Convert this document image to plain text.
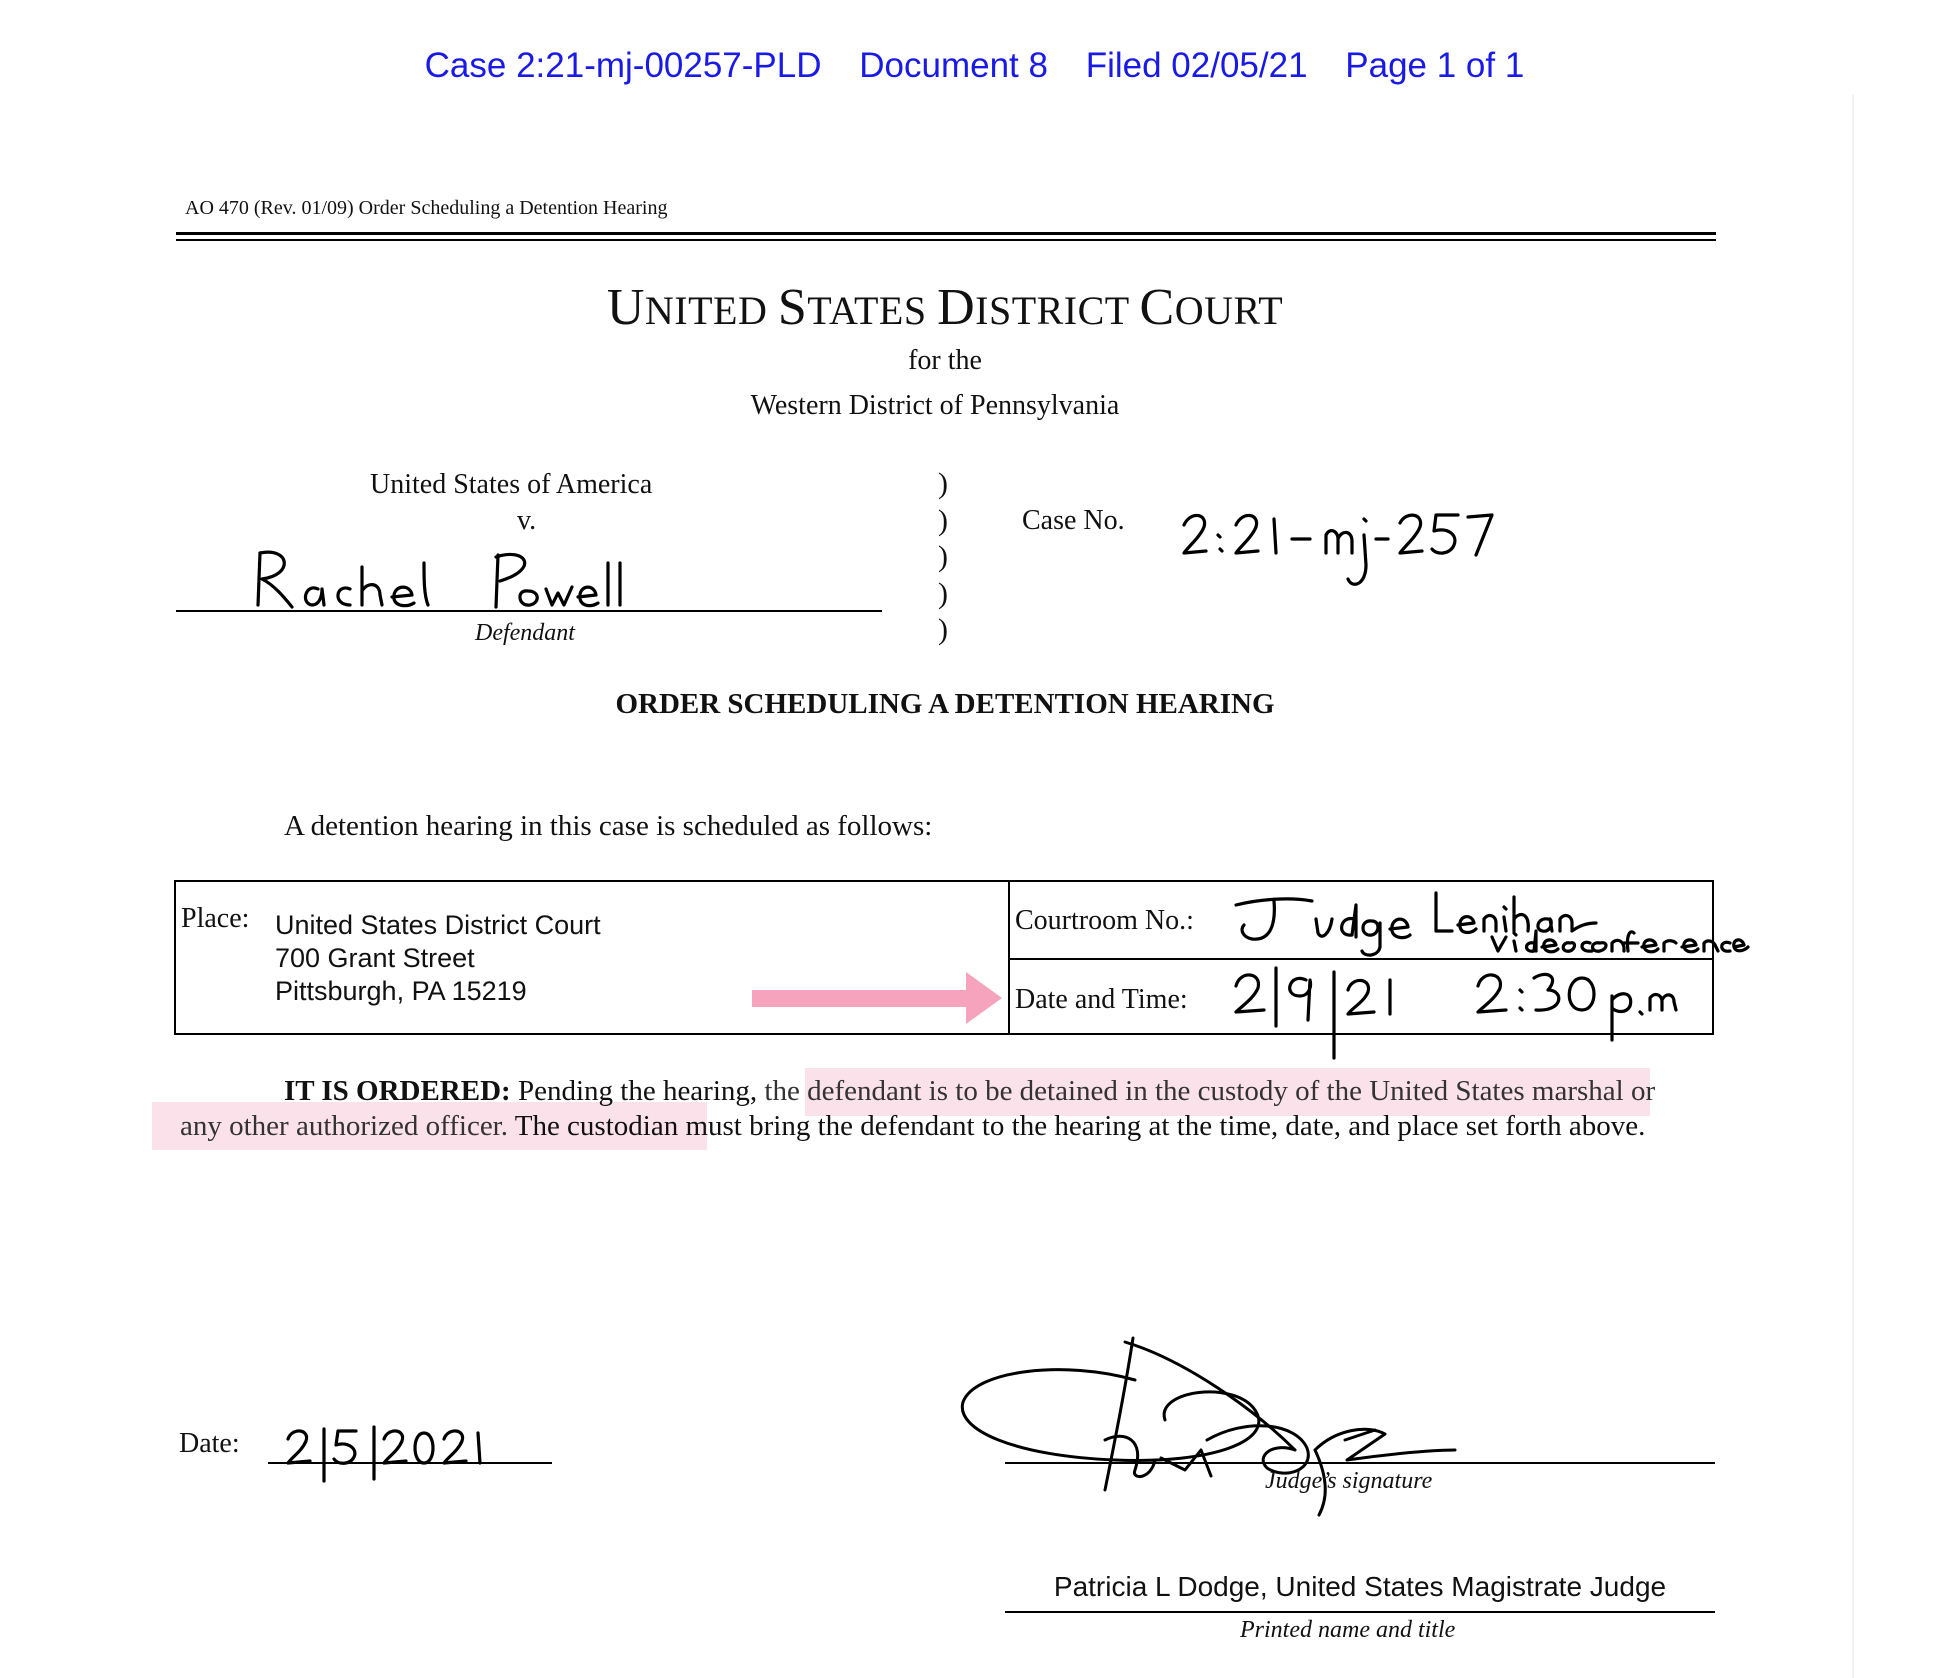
Case 2:21-mj-00257-PLD Document 8 Filed 02/05/21 Page 1 of 1
AO 470 (Rev. 01/09) Order Scheduling a Detention Hearing
UNITED STATES DISTRICT COURT
for the
Western District of Pennsylvania
United States of America
v.
Defendant
)
)
)
)
)
Case No.
ORDER SCHEDULING A DETENTION HEARING
A detention hearing in this case is scheduled as follows:
Place: United States District Court
700 Grant Street
Pittsburgh, PA 15219
Courtroom No.:
Date and Time:
IT IS ORDERED: Pending the hearing, the defendant is to be detained in the custody of the United States marshal or any other authorized officer. The custodian must bring the defendant to the hearing at the time, date, and place set forth above.
Date:
Judge’s signature
Patricia L Dodge, United States Magistrate Judge
Printed name and title
